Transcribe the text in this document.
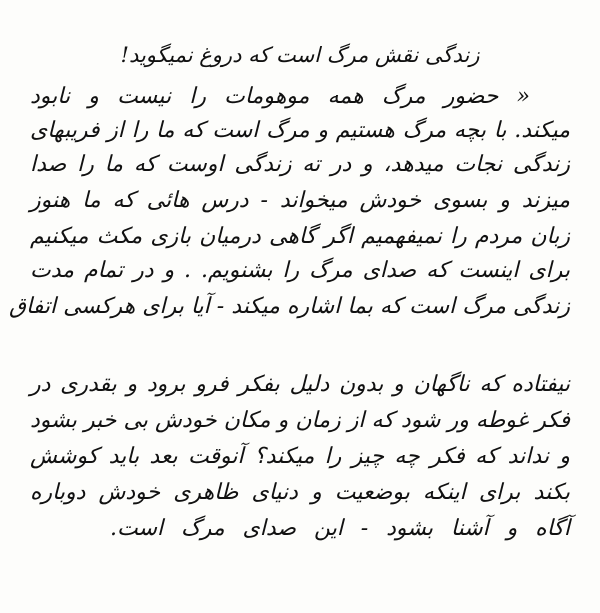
زندگی نقش مرگ است که دروغ نمیگوید!
« حضور مرگ همه موهومات را نیست و نابود
میکند. با بچه مرگ هستیم و مرگ است که ما را از فریبهای
زندگی نجات میدهد، و در ته زندگی اوست که ما را صدا
میزند و بسوی خودش میخواند - درس هائی که ما هنوز
زبان مردم را نمیفهمیم اگر گاهی درمیان بازی مکث میکنیم
برای اینست که صدای مرگ را بشنویم. . و در تمام مدت
زندگی مرگ است که بما اشاره میکند - آیا برای هرکسی اتفاق
نیفتاده که ناگهان و بدون دلیل بفکر فرو برود و بقدری در
فکر غوطه ور شود که از زمان و مکان خودش بی خبر بشود
و نداند که فکر چه چیز را میکند؟ آنوقت بعد باید کوشش
بکند برای اینکه بوضعیت و دنیای ظاهری خودش دوباره
آگاه و آشنا بشود - این صدای مرگ است.
